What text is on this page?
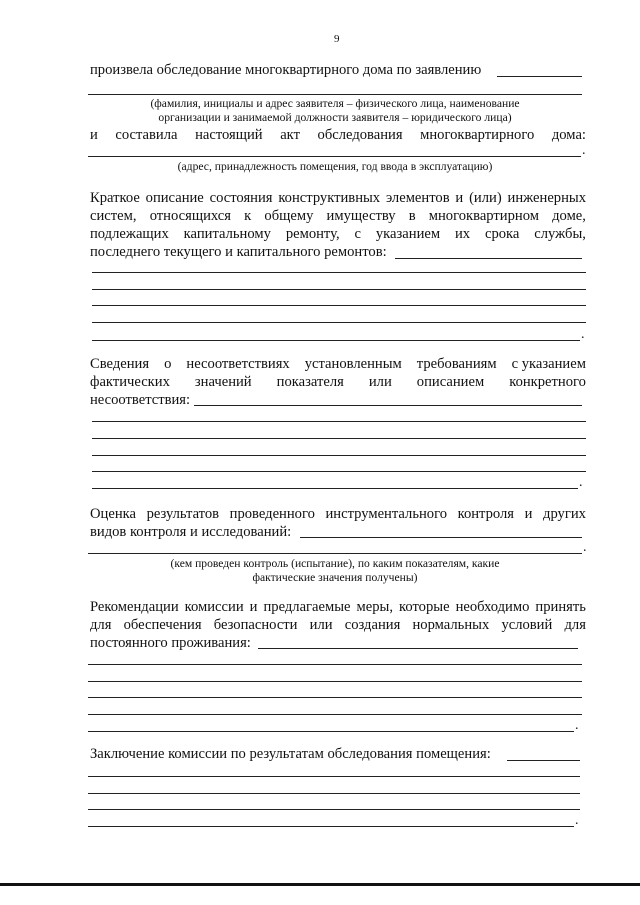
9
произвела обследование многоквартирного дома по заявлению
(фамилия, инициалы и адрес заявителя – физического лица, наименование
организации и занимаемой должности заявителя – юридического лица)
и составила настоящий акт обследования многоквартирного дома:
.
(адрес, принадлежность помещения, год ввода в эксплуатацию)
Краткое описание состояния конструктивных элементов и (или) инженерных
систем, относящихся к общему имуществу в многоквартирном доме,
подлежащих капитальному ремонту, с указанием их срока службы,
последнего текущего и капитального ремонтов:
.
Сведения о несоответствиях установленным требованиям с указанием
фактических значений показателя или описанием конкретного
несоответствия:
.
Оценка результатов проведенного инструментального контроля и других
видов контроля и исследований:
.
(кем проведен контроль (испытание), по каким показателям, какие
фактические значения получены)
Рекомендации комиссии и предлагаемые меры, которые необходимо принять
для обеспечения безопасности или создания нормальных условий для
постоянного проживания:
.
Заключение комиссии по результатам обследования помещения:
.
